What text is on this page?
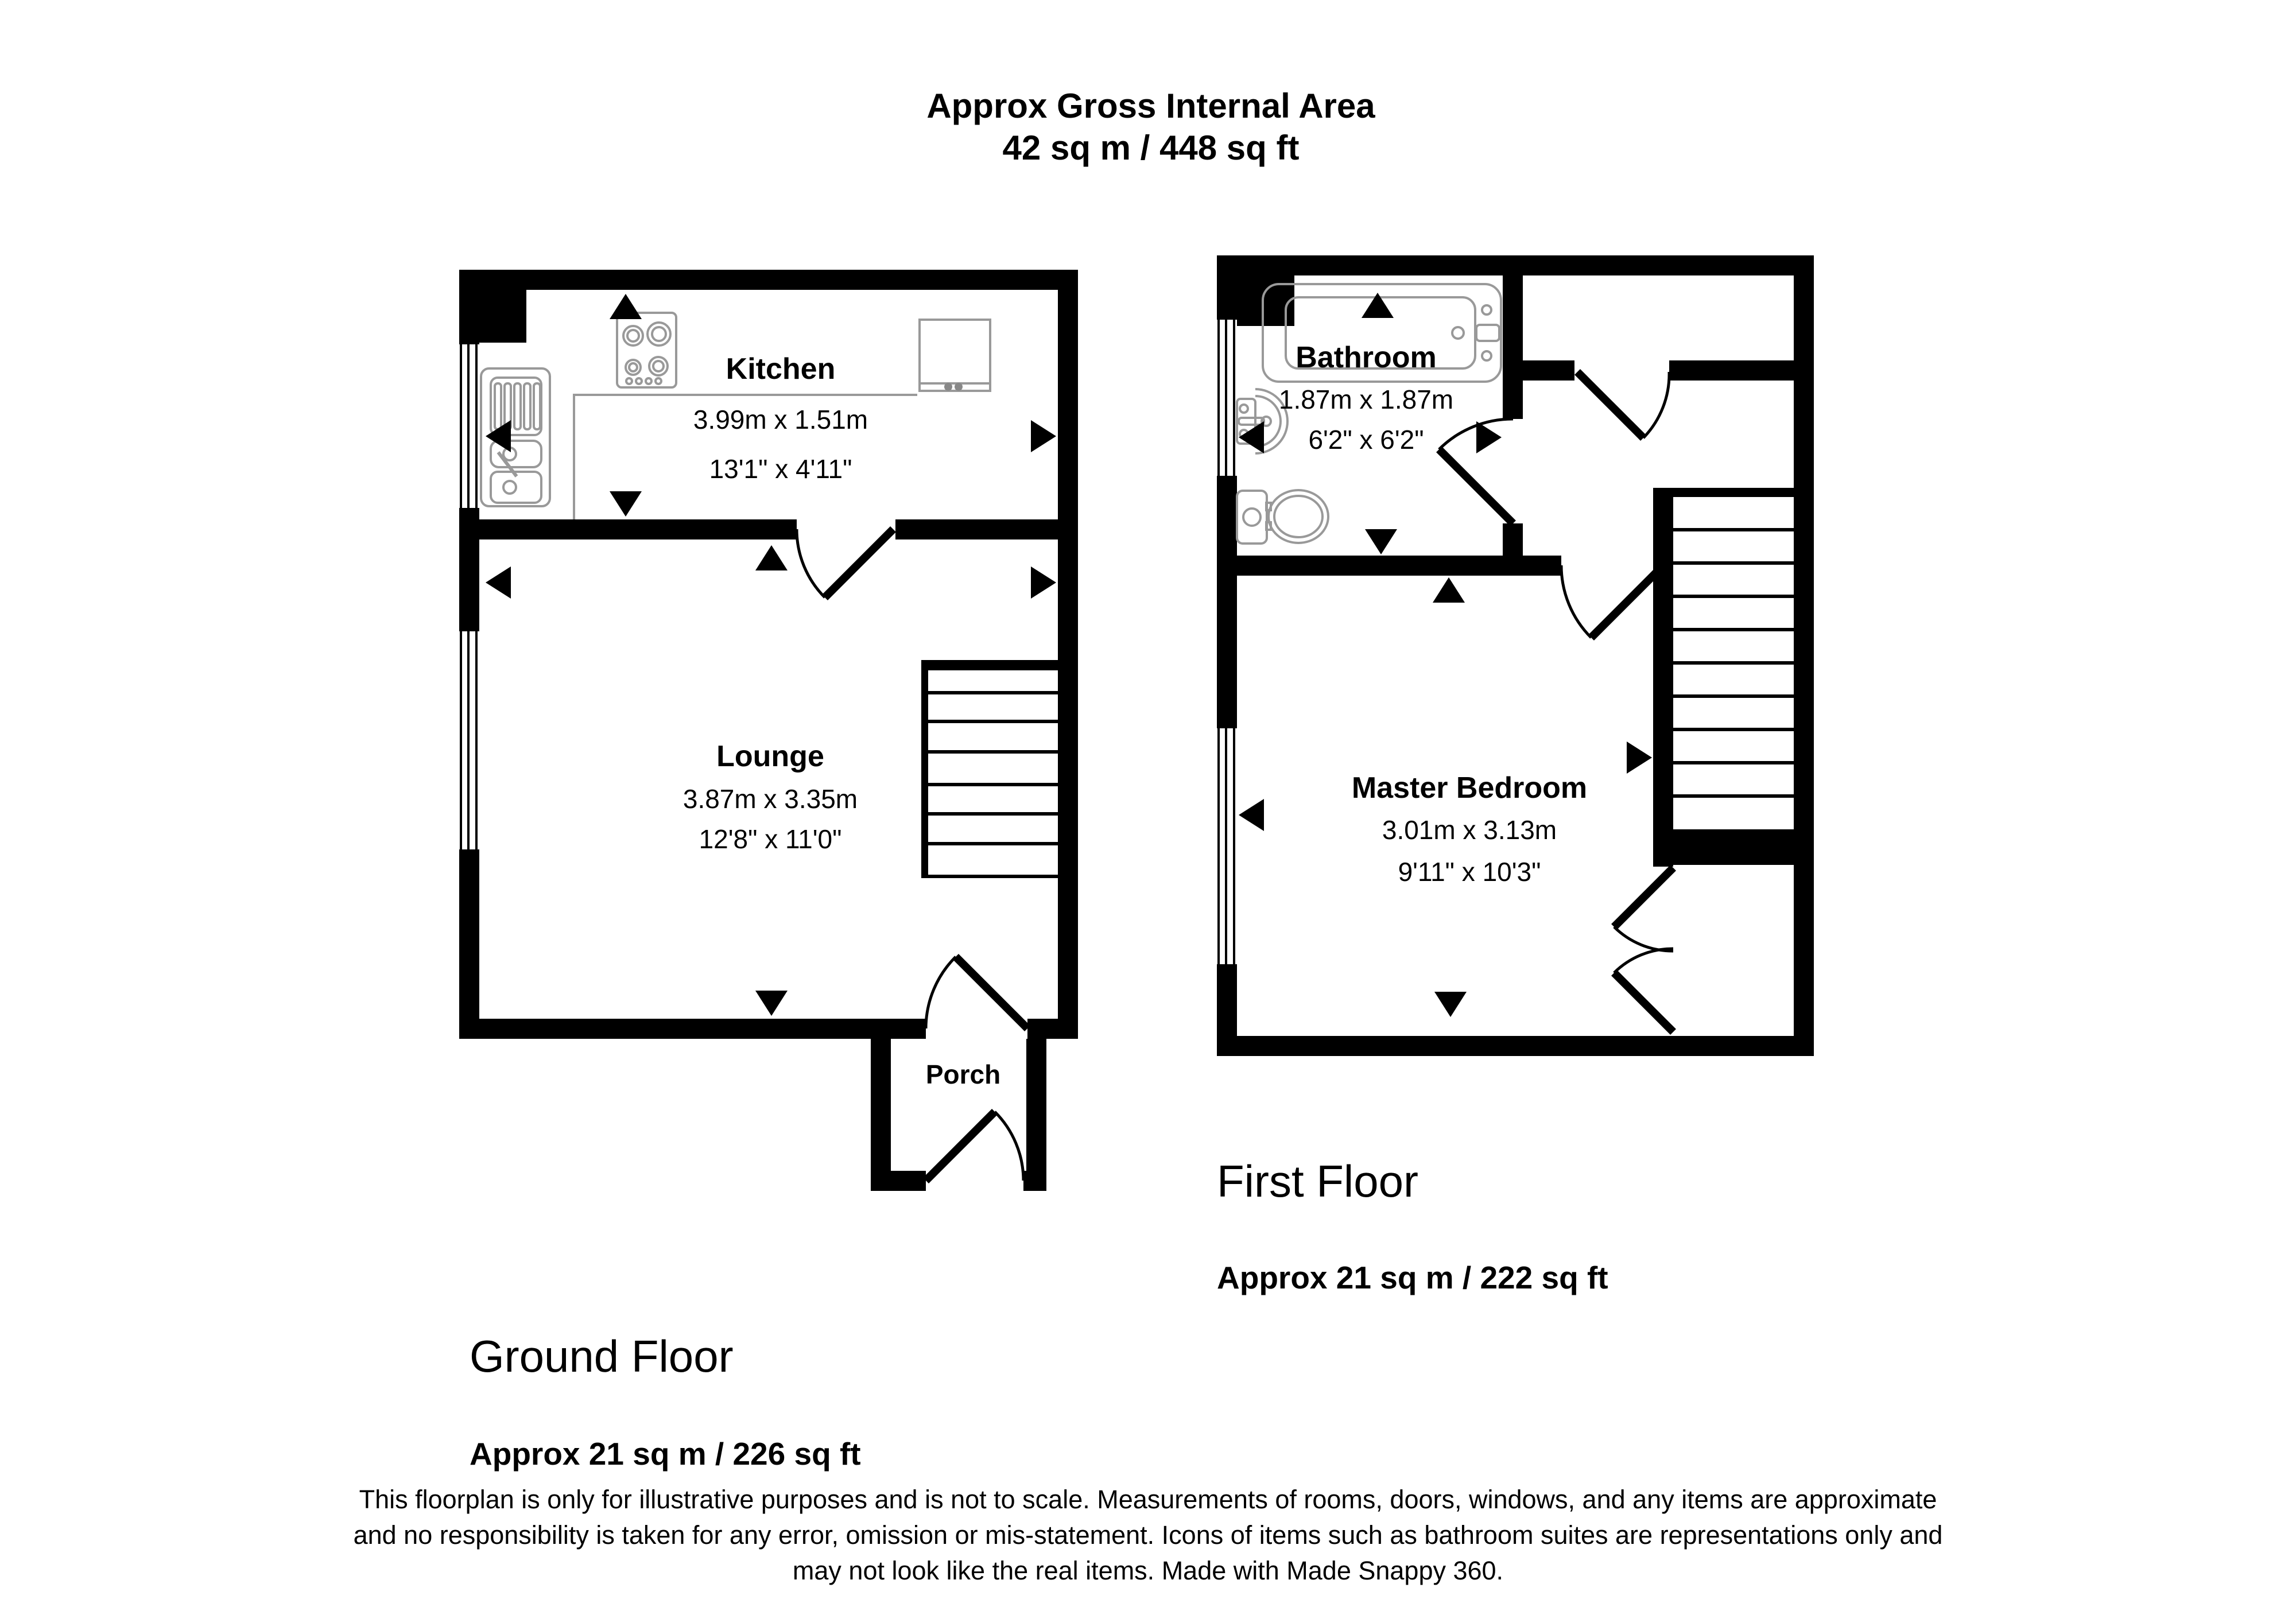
Approx Gross Internal Area
42 sq m / 448 sq ft
Kitchen
3.99m x 1.51m
13'1" x 4'11"
Lounge
3.87m x 3.35m
12'8" x 11'0"
Porch
Bathroom
1.87m x 1.87m
6'2" x 6'2"
Master Bedroom
3.01m x 3.13m
9'11" x 10'3"
Ground Floor
Approx 21 sq m / 226 sq ft
First Floor
Approx 21 sq m / 222 sq ft
This floorplan is only for illustrative purposes and is not to scale. Measurements of rooms, doors, windows, and any items are approximate
and no responsibility is taken for any error, omission or mis-statement. Icons of items such as bathroom suites are representations only and
may not look like the real items. Made with Made Snappy 360.
